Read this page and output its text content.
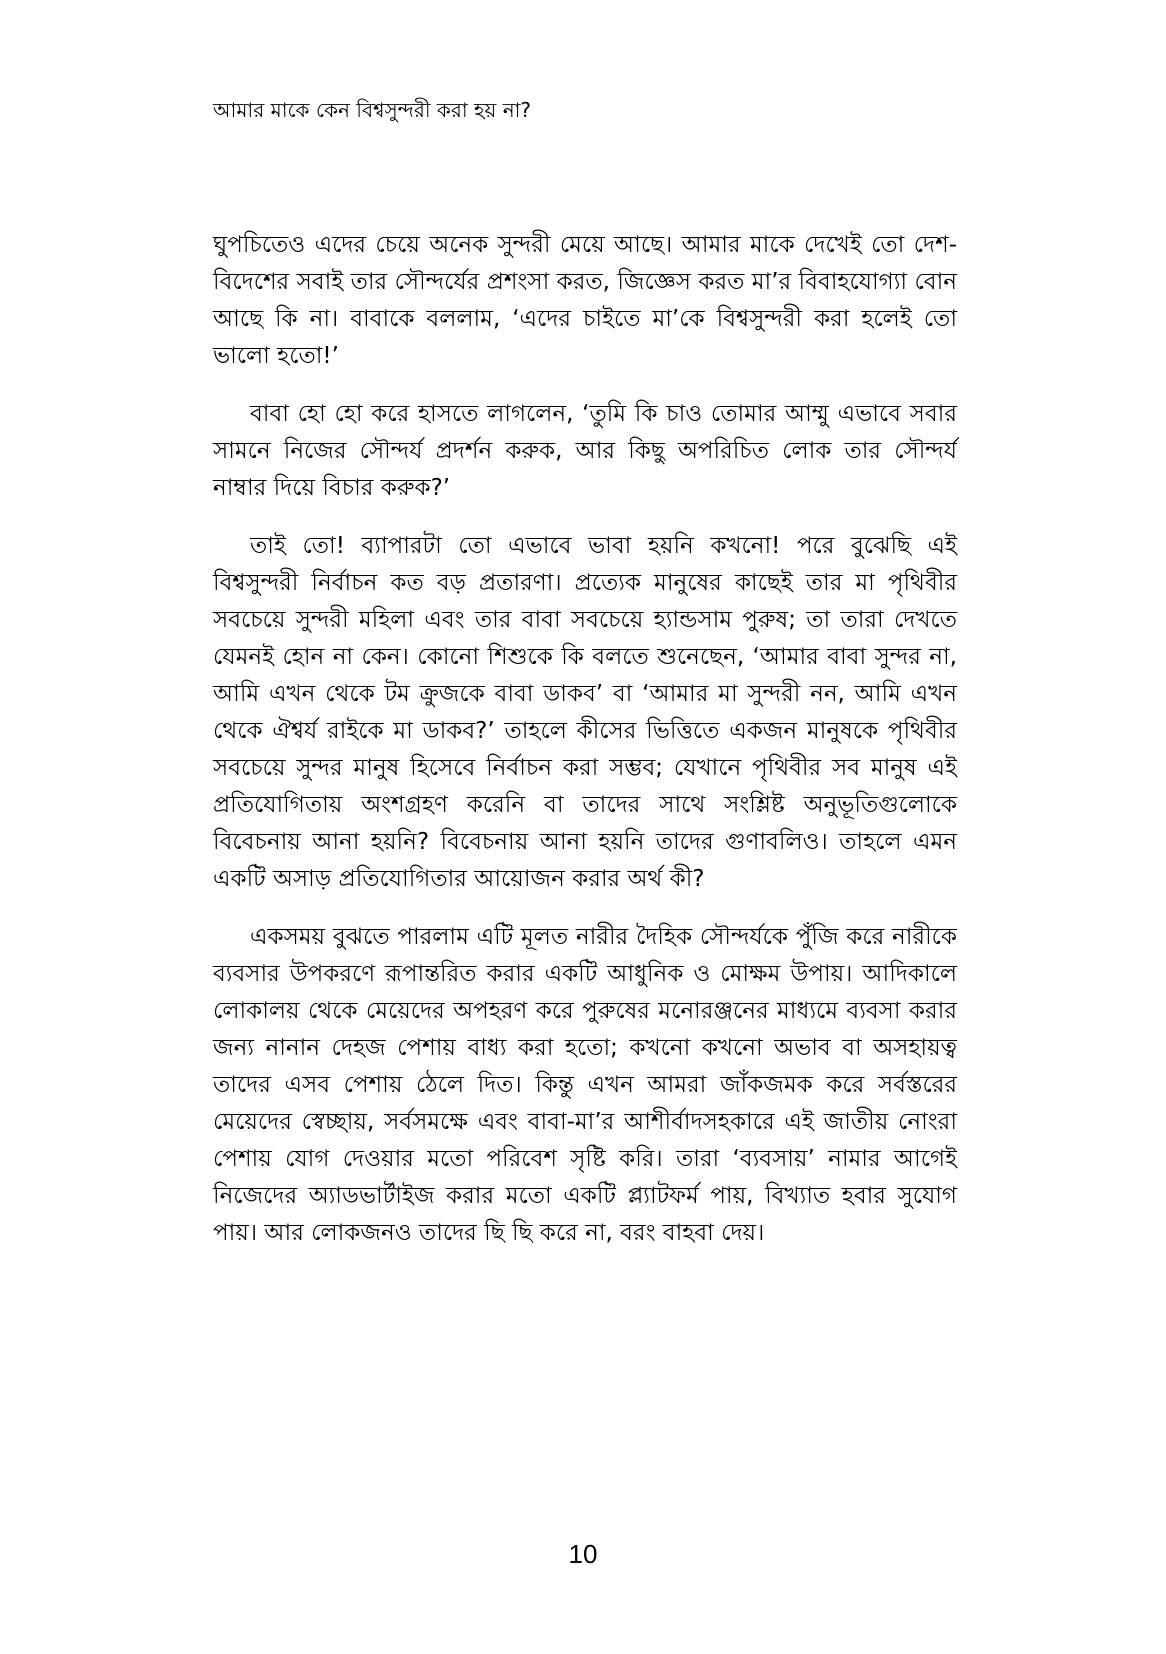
আমার মাকে কেন বিশ্বসুন্দরী করা হয় না?

ঘুপচিতেও এদের চেয়ে অনেক সুন্দরী মেয়ে আছে। আমার মাকে দেখেই তো দেশ-বিদেশের সবাই তার সৌন্দর্যের প্রশংসা করত, জিজ্ঞেস করত মা’র বিবাহযোগ্যা বোন আছে কি না। বাবাকে বললাম, ‘এদের চাইতে মা’কে বিশ্বসুন্দরী করা হলেই তো ভালো হতো!’

বাবা হো হো করে হাসতে লাগলেন, ‘তুমি কি চাও তোমার আম্মু এভাবে সবার সামনে নিজের সৌন্দর্য প্রদর্শন করুক, আর কিছু অপরিচিত লোক তার সৌন্দর্য নাম্বার দিয়ে বিচার করুক?’

তাই তো! ব্যাপারটা তো এভাবে ভাবা হয়নি কখনো! পরে বুঝেছি এই বিশ্বসুন্দরী নির্বাচন কত বড় প্রতারণা। প্রত্যেক মানুষের কাছেই তার মা পৃথিবীর সবচেয়ে সুন্দরী মহিলা এবং তার বাবা সবচেয়ে হ্যান্ডসাম পুরুষ; তা তারা দেখতে যেমনই হোন না কেন। কোনো শিশুকে কি বলতে শুনেছেন, ‘আমার বাবা সুন্দর না, আমি এখন থেকে টম ক্রুজকে বাবা ডাকব’ বা ‘আমার মা সুন্দরী নন, আমি এখন থেকে ঐশ্বর্য রাইকে মা ডাকব?’ তাহলে কীসের ভিত্তিতে একজন মানুষকে পৃথিবীর সবচেয়ে সুন্দর মানুষ হিসেবে নির্বাচন করা সম্ভব; যেখানে পৃথিবীর সব মানুষ এই প্রতিযোগিতায় অংশগ্রহণ করেনি বা তাদের সাথে সংশ্লিষ্ট অনুভূতিগুলোকে বিবেচনায় আনা হয়নি? বিবেচনায় আনা হয়নি তাদের গুণাবলিও। তাহলে এমন একটি অসাড় প্রতিযোগিতার আয়োজন করার অর্থ কী?

একসময় বুঝতে পারলাম এটি মূলত নারীর দৈহিক সৌন্দর্যকে পুঁজি করে নারীকে ব্যবসার উপকরণে রূপান্তরিত করার একটি আধুনিক ও মোক্ষম উপায়। আদিকালে লোকালয় থেকে মেয়েদের অপহরণ করে পুরুষের মনোরঞ্জনের মাধ্যমে ব্যবসা করার জন্য নানান দেহজ পেশায় বাধ্য করা হতো; কখনো কখনো অভাব বা অসহায়ত্ব তাদের এসব পেশায় ঠেলে দিত। কিন্তু এখন আমরা জাঁকজমক করে সর্বস্তরের মেয়েদের স্বেচ্ছায়, সর্বসমক্ষে এবং বাবা-মা’র আশীর্বাদসহকারে এই জাতীয় নোংরা পেশায় যোগ দেওয়ার মতো পরিবেশ সৃষ্টি করি। তারা ‘ব্যবসায়’ নামার আগেই নিজেদের অ্যাডভার্টাইজ করার মতো একটি প্ল্যাটফর্ম পায়, বিখ্যাত হবার সুযোগ পায়। আর লোকজনও তাদের ছি ছি করে না, বরং বাহবা দেয়।

10
